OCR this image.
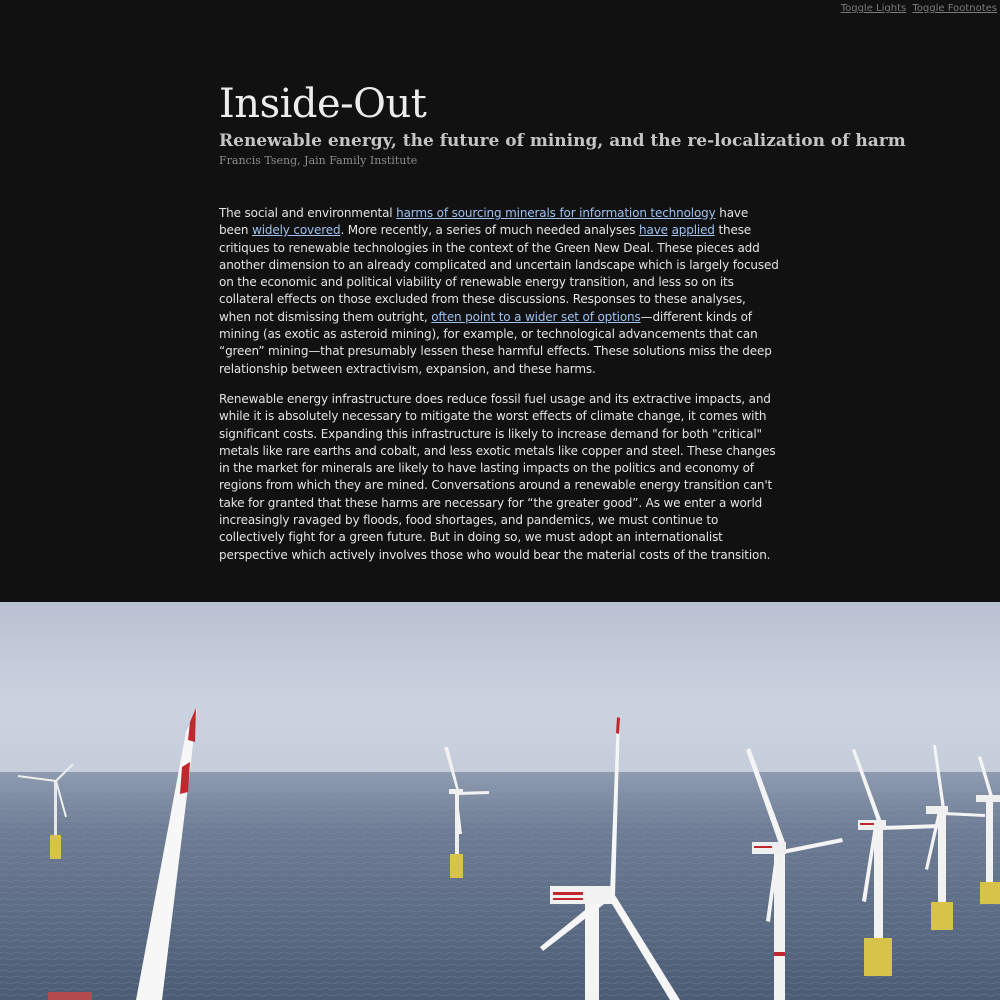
Toggle Lights Toggle Footnotes
Inside-Out
Renewable energy, the future of mining, and the re-localization of harm
Francis Tseng, Jain Family Institute

The social and environmental harms of sourcing minerals for information technology have been widely covered. More recently, a series of much needed analyses have applied these critiques to renewable technologies in the context of the Green New Deal. These pieces add another dimension to an already complicated and uncertain landscape which is largely focused on the economic and political viability of renewable energy transition, and less so on its collateral effects on those excluded from these discussions. Responses to these analyses, when not dismissing them outright, often point to a wider set of options—different kinds of mining (as exotic as asteroid mining), for example, or technological advancements that can “green” mining—that presumably lessen these harmful effects. These solutions miss the deep relationship between extractivism, expansion, and these harms.

Renewable energy infrastructure does reduce fossil fuel usage and its extractive impacts, and while it is absolutely necessary to mitigate the worst effects of climate change, it comes with significant costs. Expanding this infrastructure is likely to increase demand for both "critical" metals like rare earths and cobalt, and less exotic metals like copper and steel. These changes in the market for minerals are likely to have lasting impacts on the politics and economy of regions from which they are mined. Conversations around a renewable energy transition can't take for granted that these harms are necessary for “the greater good”. As we enter a world increasingly ravaged by floods, food shortages, and pandemics, we must continue to collectively fight for a green future. But in doing so, we must adopt an internationalist perspective which actively involves those who would bear the material costs of the transition.
